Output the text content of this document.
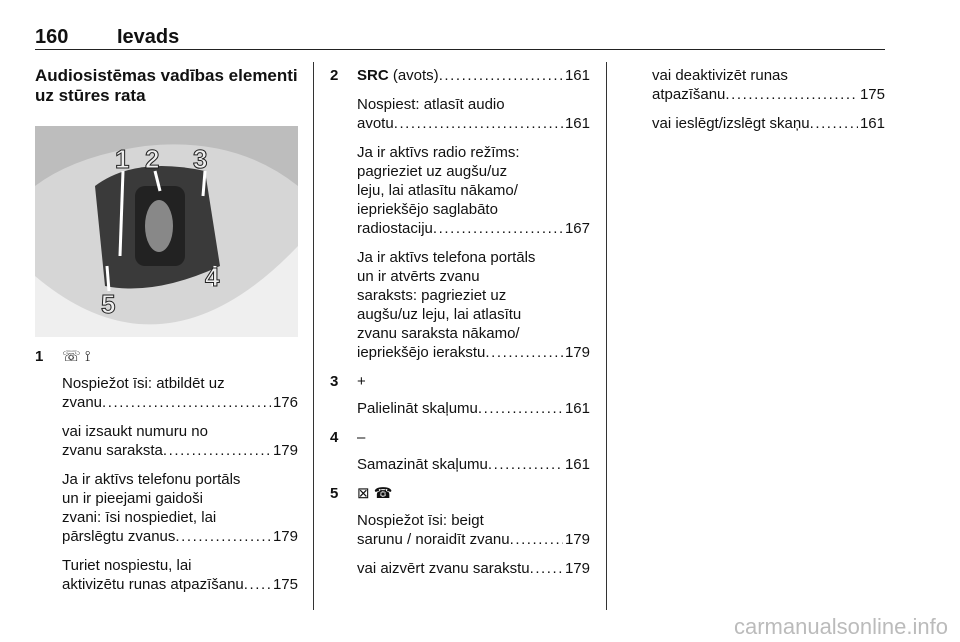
160 Ievads
Audiosistēmas vadības elementi uz stūres rata
1 2 3
4
5
1 ☏ ⟟
Nospiežot īsi: atbildēt uz
zvanu . . .	176
vai izsaukt numuru no
zvanu saraksta . . .	179
Ja ir aktīvs telefonu portāls
un ir pieejami gaidoši
zvani: īsi nospiediet, lai
pārslēgtu zvanus . . .	179
Turiet nospiestu, lai
aktivizētu runas atpazīšanu . . . 175
2 SRC (avots) . . .	161
Nospiest: atlasīt audio
avotu . . .	161
Ja ir aktīvs radio režīms:
pagrieziet uz augšu/uz
leju, lai atlasītu nākamo/
iepriekšējo saglabāto
radiostaciju . . .	167
Ja ir aktīvs telefona portāls
un ir atvērts zvanu
saraksts: pagrieziet uz
augšu/uz leju, lai atlasītu
zvanu saraksta nākamo/
iepriekšējo ierakstu . . .	179
3 +
Palielināt skaļumu . . .	161
4 –
Samazināt skaļumu . . .	161
5 ⊠ ☎
Nospiežot īsi: beigt
sarunu / noraidīt zvanu . . .	179
vai aizvērt zvanu sarakstu . . . 179
vai deaktivizēt runas
atpazīšanu . . .	175
vai ieslēgt/izslēgt skaņu . . .	161
carmanualsonline.info
